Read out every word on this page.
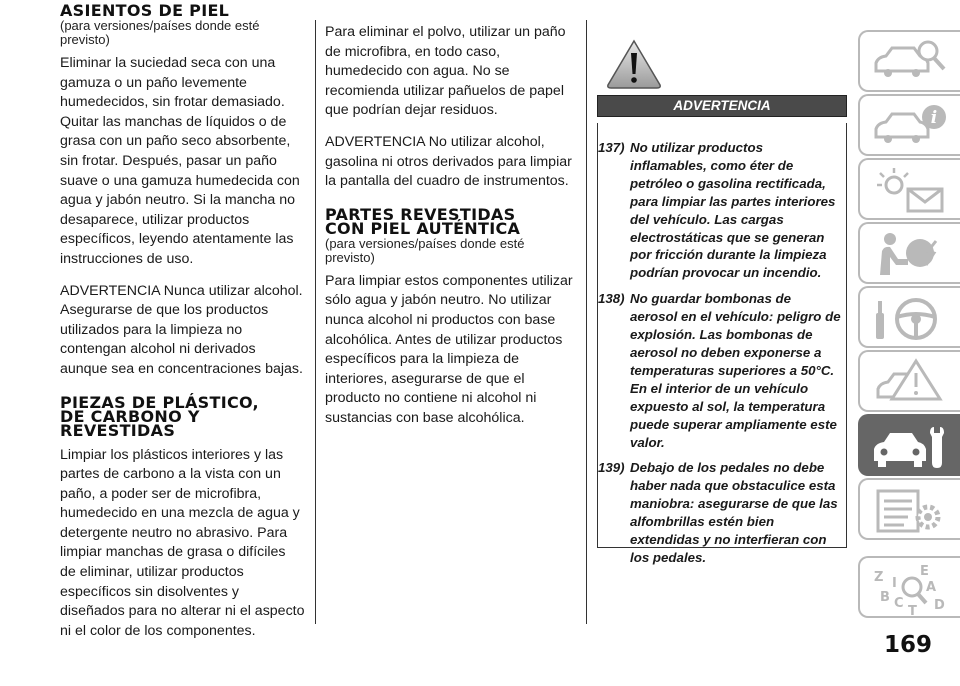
ASIENTOS DE PIEL
(para versiones/países donde esté previsto)

Eliminar la suciedad seca con una gamuza o un paño levemente humedecidos, sin frotar demasiado. Quitar las manchas de líquidos o de grasa con un paño seco absorbente, sin frotar. Después, pasar un paño suave o una gamuza humedecida con agua y jabón neutro. Si la mancha no desaparece, utilizar productos específicos, leyendo atentamente las instrucciones de uso.

ADVERTENCIA Nunca utilizar alcohol. Asegurarse de que los productos utilizados para la limpieza no contengan alcohol ni derivados aunque sea en concentraciones bajas.

PIEZAS DE PLÁSTICO,
DE CARBONO Y
REVESTIDAS

Limpiar los plásticos interiores y las partes de carbono a la vista con un paño, a poder ser de microfibra, humedecido en una mezcla de agua y detergente neutro no abrasivo. Para limpiar manchas de grasa o difíciles de eliminar, utilizar productos específicos sin disolventes y diseñados para no alterar ni el aspecto ni el color de los componentes.

Para eliminar el polvo, utilizar un paño de microfibra, en todo caso, humedecido con agua. No se recomienda utilizar pañuelos de papel que podrían dejar residuos.

ADVERTENCIA No utilizar alcohol, gasolina ni otros derivados para limpiar la pantalla del cuadro de instrumentos.

PARTES REVESTIDAS
CON PIEL AUTÉNTICA
(para versiones/países donde esté previsto)

Para limpiar estos componentes utilizar sólo agua y jabón neutro. No utilizar nunca alcohol ni productos con base alcohólica. Antes de utilizar productos específicos para la limpieza de interiores, asegurarse de que el producto no contiene ni alcohol ni sustancias con base alcohólica.

ADVERTENCIA
137) No utilizar productos inflamables, como éter de petróleo o gasolina rectificada, para limpiar las partes interiores del vehículo. Las cargas electrostáticas que se generan por fricción durante la limpieza podrían provocar un incendio.
138) No guardar bombonas de aerosol en el vehículo: peligro de explosión. Las bombonas de aerosol no deben exponerse a temperaturas superiores a 50°C. En el interior de un vehículo expuesto al sol, la temperatura puede superar ampliamente este valor.
139) Debajo de los pedales no debe haber nada que obstaculice esta maniobra: asegurarse de que las alfombrillas estén bien extendidas y no interfieran con los pedales.
i
Z	E
A
B C D
I
T
169
